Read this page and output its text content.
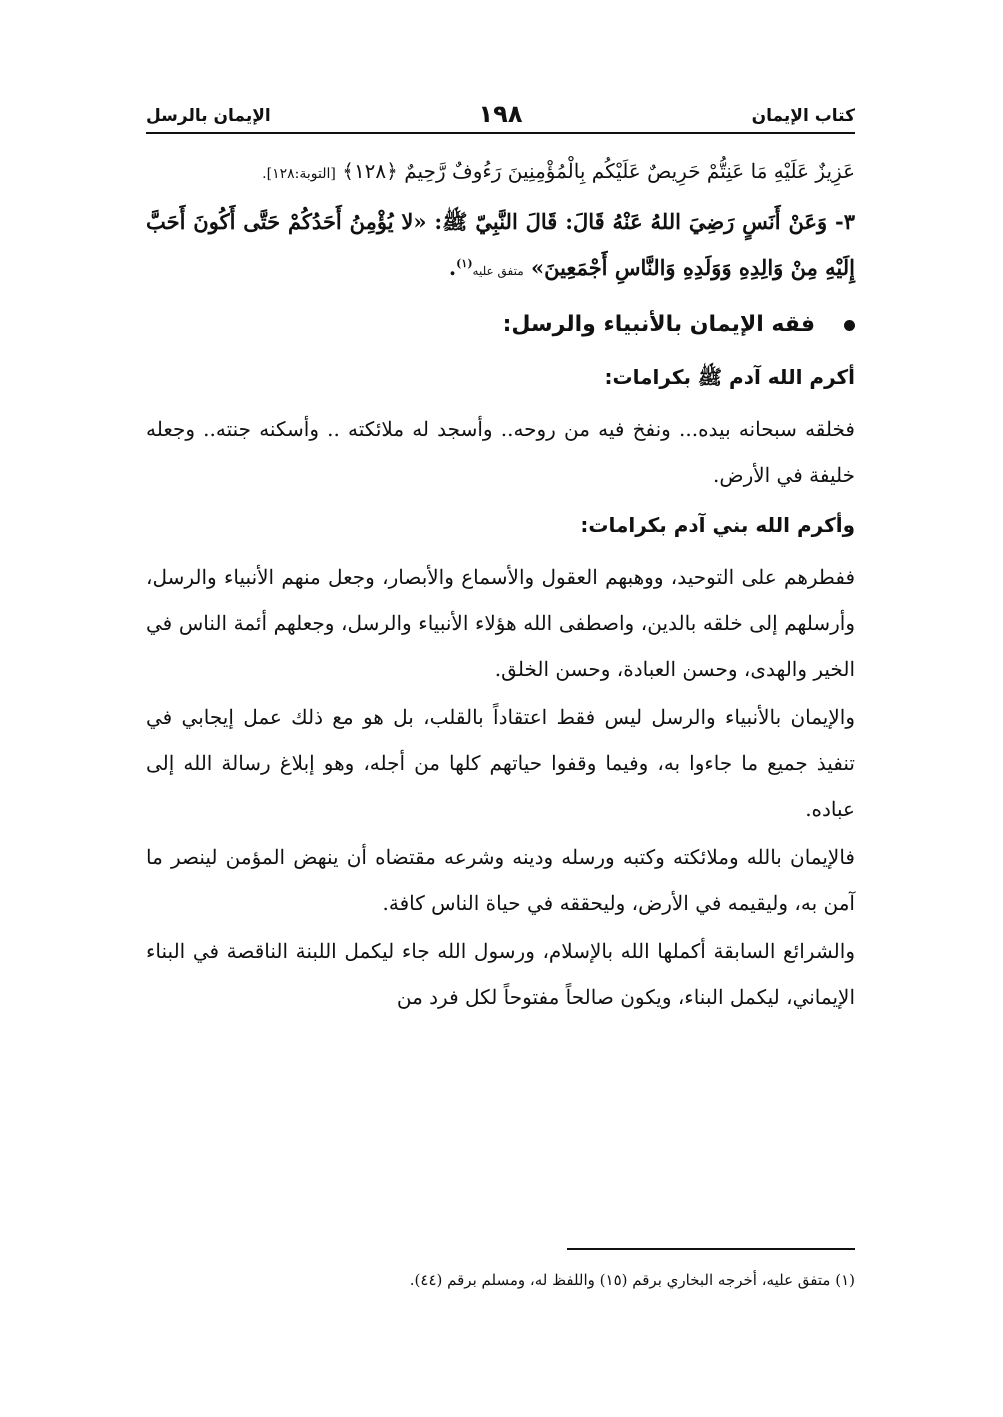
كتاب الإيمان
١٩٨
الإيمان بالرسل

عَزِيزٌ عَلَيْهِ مَا عَنِتُّمْ حَرِيصٌ عَلَيْكُم بِالْمُؤْمِنِينَ رَءُوفٌ رَّحِيمٌ ﴿١٢٨﴾ [التوبة:١٢٨].

٣- وَعَنْ أَنَسٍ رَضِيَ اللهُ عَنْهُ قَالَ: قَالَ النَّبِيّ ﷺ: «لا يُؤْمِنُ أَحَدُكُمْ حَتَّى أَكُونَ أَحَبَّ إِلَيْهِ مِنْ وَالِدِهِ وَوَلَدِهِ وَالنَّاسِ أَجْمَعِينَ» متفق عليه$^{(١)}$.

فقه الإيمان بالأنبياء والرسل:

أكرم الله آدم ﷺ بكرامات:

فخلقه سبحانه بيده... ونفخ فيه من روحه.. وأسجد له ملائكته .. وأسكنه جنته.. وجعله خليفة في الأرض.

وأكرم الله بني آدم بكرامات:

ففطرهم على التوحيد، ووهبهم العقول والأسماع والأبصار، وجعل منهم الأنبياء والرسل، وأرسلهم إلى خلقه بالدين، واصطفى الله هؤلاء الأنبياء والرسل، وجعلهم أئمة الناس في الخير والهدى، وحسن العبادة، وحسن الخلق.

والإيمان بالأنبياء والرسل ليس فقط اعتقاداً بالقلب، بل هو مع ذلك عمل إيجابي في تنفيذ جميع ما جاءوا به، وفيما وقفوا حياتهم كلها من أجله، وهو إبلاغ رسالة الله إلى عباده.

فالإيمان بالله وملائكته وكتبه ورسله ودينه وشرعه مقتضاه أن ينهض المؤمن لينصر ما آمن به، وليقيمه في الأرض، وليحققه في حياة الناس كافة.

والشرائع السابقة أكملها الله بالإسلام، ورسول الله جاء ليكمل اللبنة الناقصة في البناء الإيماني، ليكمل البناء، ويكون صالحاً مفتوحاً لكل فرد من

(١) متفق عليه، أخرجه البخاري برقم (١٥) واللفظ له، ومسلم برقم (٤٤).
